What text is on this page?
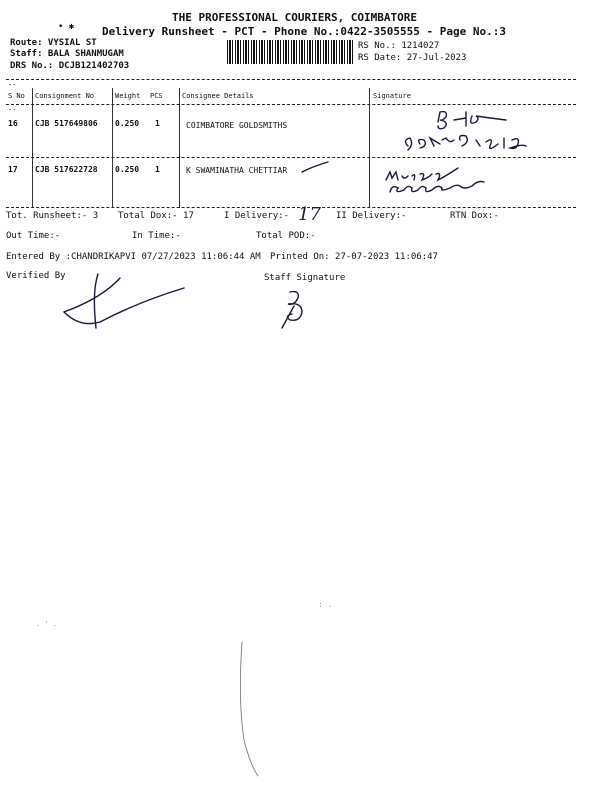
THE PROFESSIONAL COURIERS, COIMBATORE
Delivery Runsheet - PCT - Phone No.:0422-3505555 - Page No.:3
• ✱
Route: VYSIAL ST
Staff: BALA SHANMUGAM
DRS No.: DCJB121402703
RS No.: 1214027
RS Date: 27-Jul-2023
--
S No Consignment No	Weight PCS	Consignee Details	Signature
--
16 CJB 517649806 0.250 1	COIMBATORE GOLDSMITHS
17 CJB 517622728 0.250 1	K SWAMINATHA CHETTIAR
Tot. Runsheet:- 3 Total Dox:- 17	I Delivery:- 17 II Delivery:-	RTN Dox:-
Out Time:-	In Time:-	Total POD:-
Entered By :CHANDRIKAPVI 07/27/2023 11:06:44 AM Printed On: 27-07-2023 11:06:47
Verified By	Staff Signature
. ' .
: .
